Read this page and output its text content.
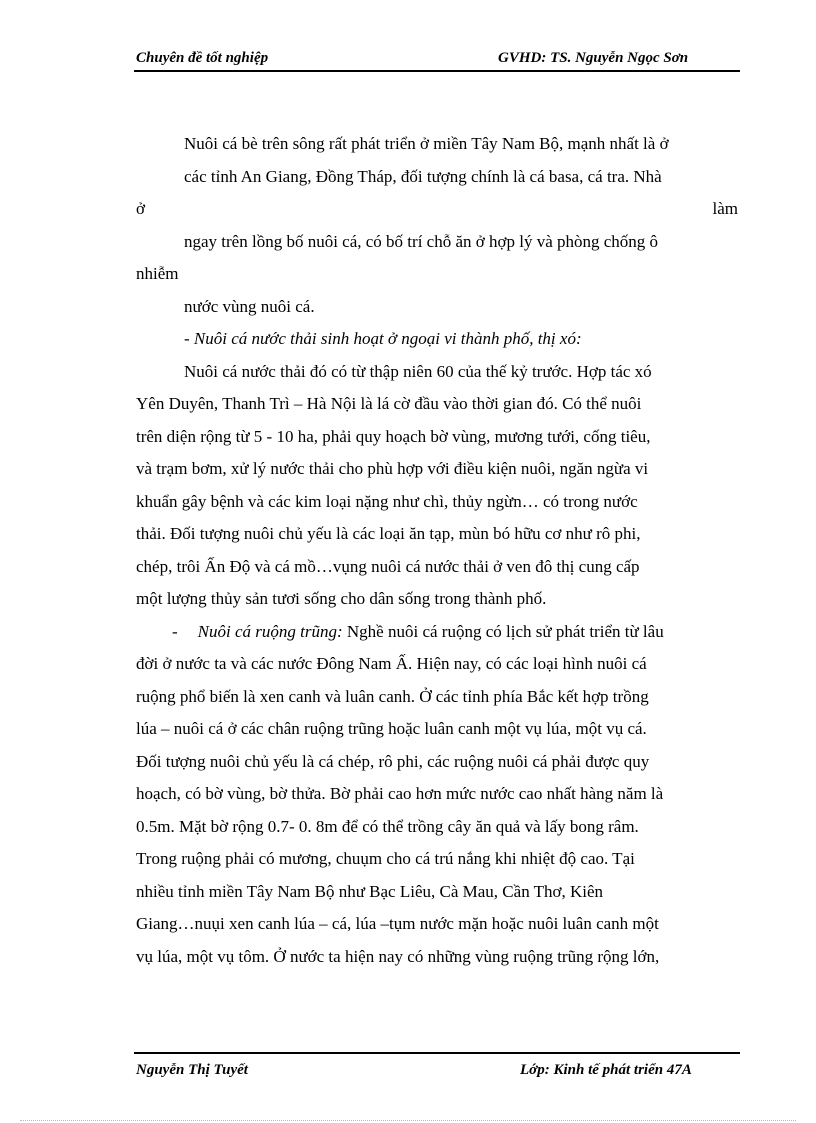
Chuyên đề tốt nghiệp	GVHD: TS. Nguyễn Ngọc Sơn
Nuôi cá bè trên sông rất phát triển ở miền Tây Nam Bộ, mạnh nhất là ở
các tỉnh An Giang, Đồng Tháp, đối tượng chính là cá basa, cá tra. Nhà
ở	làm
ngay trên lồng bố nuôi cá, có bố trí chỗ ăn ở hợp lý và phòng chống ô
nhiễm
nước vùng nuôi cá.
- Nuôi cá nước thải sinh hoạt ở ngoại vi thành phố, thị xó:
Nuôi cá nước thải đó có từ thập niên 60 của thế kỷ trước. Hợp tác xó
Yên Duyên, Thanh Trì – Hà Nội là lá cờ đầu vào thời gian đó. Có thể nuôi
trên diện rộng từ 5 - 10 ha, phải quy hoạch bờ vùng, mương tưới, cống tiêu,
và trạm bơm, xử lý nước thải cho phù hợp với điều kiện nuôi, ngăn ngừa vi
khuẩn gây bệnh và các kim loại nặng như chì, thủy ngừn… có trong nước
thải. Đối tượng nuôi chủ yếu là các loại ăn tạp, mùn bó hữu cơ như rô phi,
chép, trôi Ấn Độ và cá mồ…vụng nuôi cá nước thải ở ven đô thị cung cấp
một lượng thủy sản tươi sống cho dân sống trong thành phố.
- Nuôi cá ruộng trũng: Nghề nuôi cá ruộng có lịch sử phát triển từ lâu
đời ở nước ta và các nước Đông Nam Ấ. Hiện nay, có các loại hình nuôi cá
ruộng phổ biến là xen canh và luân canh. Ở các tỉnh phía Bắc kết hợp trồng
lúa – nuôi cá ở các chân ruộng trũng hoặc luân canh một vụ lúa, một vụ cá.
Đối tượng nuôi chủ yếu là cá chép, rô phi, các ruộng nuôi cá phải được quy
hoạch, có bờ vùng, bờ thửa. Bờ phải cao hơn mức nước cao nhất hàng năm là
0.5m. Mặt bờ rộng 0.7- 0. 8m để có thể trồng cây ăn quả và lấy bong râm.
Trong ruộng phải có mương, chuụm cho cá trú nắng khi nhiệt độ cao. Tại
nhiều tỉnh miền Tây Nam Bộ như Bạc Liêu, Cà Mau, Cần Thơ, Kiên
Giang…nuụi xen canh lúa – cá, lúa –tụm nước mặn hoặc nuôi luân canh một
vụ lúa, một vụ tôm. Ở nước ta hiện nay có những vùng ruộng trũng rộng lớn,
Nguyễn Thị Tuyết	Lớp: Kinh tế phát triển 47A
